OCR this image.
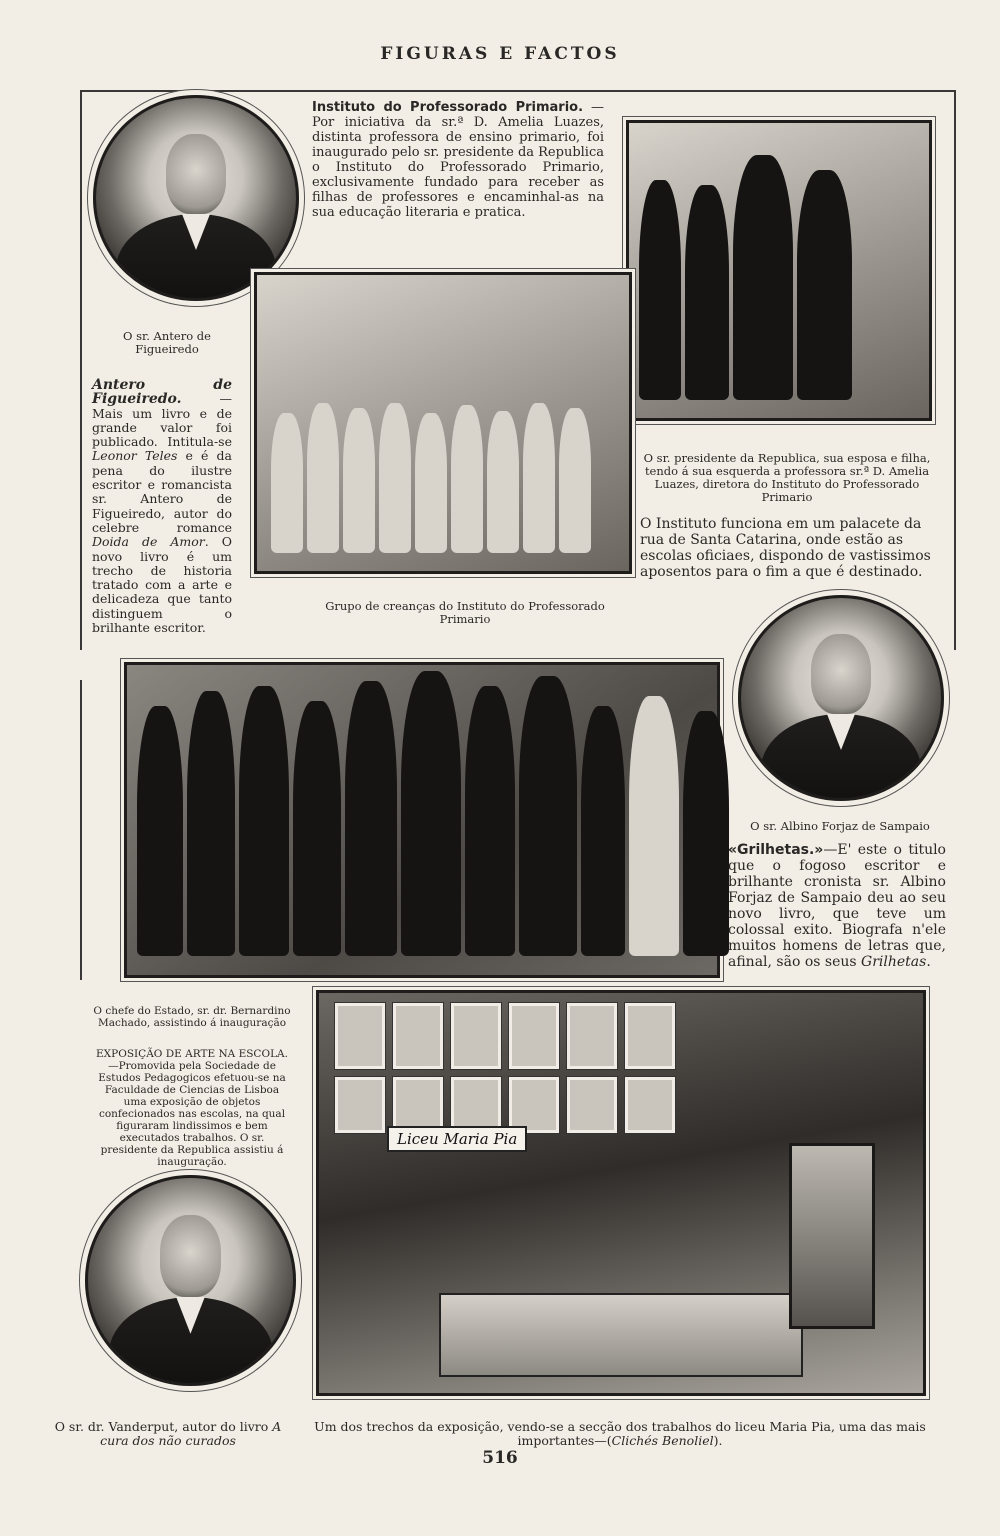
FIGURAS E FACTOS
O sr. Antero de Figueiredo
Instituto do Professorado Primario. — Por iniciativa da sr.ª D. Amelia Luazes, distinta professora de ensino primario, foi inaugurado pelo sr. presidente da Republica o Instituto do Professorado Primario, exclusivamente fundado para receber as filhas de professores e encaminhal-as na sua educação literaria e pratica.
O sr. presidente da Republica, sua esposa e filha, tendo á sua esquerda a professora sr.ª D. Amelia Luazes, diretora do Instituto do Professorado Primario
Grupo de creanças do Instituto do Professorado Primario
Antero de Figueiredo. — Mais um livro e de grande valor foi publicado. Intitula-se Leonor Teles e é da pena do ilustre escritor e romancista sr. Antero de Figueiredo, autor do celebre romance Doida de Amor. O novo livro é um trecho de historia tratado com a arte e delicadeza que tanto distinguem o brilhante escritor.
O Instituto funciona em um palacete da rua de Santa Catarina, onde estão as escolas oficiaes, dispondo de vastissimos aposentos para o fim a que é destinado.
O sr. Albino Forjaz de Sampaio
«Grilhetas.»—E' este o titulo que o fogoso escritor e brilhante cronista sr. Albino Forjaz de Sampaio deu ao seu novo livro, que teve um colossal exito. Biografa n'ele muitos homens de letras que, afinal, são os seus Grilhetas.
O chefe do Estado, sr. dr. Bernardino Machado, assistindo á inauguração
EXPOSIÇÃO DE ARTE NA ESCOLA.—Promovida pela Sociedade de Estudos Pedagogicos efetuou-se na Faculdade de Ciencias de Lisboa uma exposição de objetos confecionados nas escolas, na qual figuraram lindissimos e bem executados trabalhos. O sr. presidente da Republica assistiu á inauguração.
Liceu Maria Pia
O sr. dr. Vanderput, autor do livro A cura dos não curados
Um dos trechos da exposição, vendo-se a secção dos trabalhos do liceu Maria Pia, uma das mais importantes—(Clichés Benoliel).
516
